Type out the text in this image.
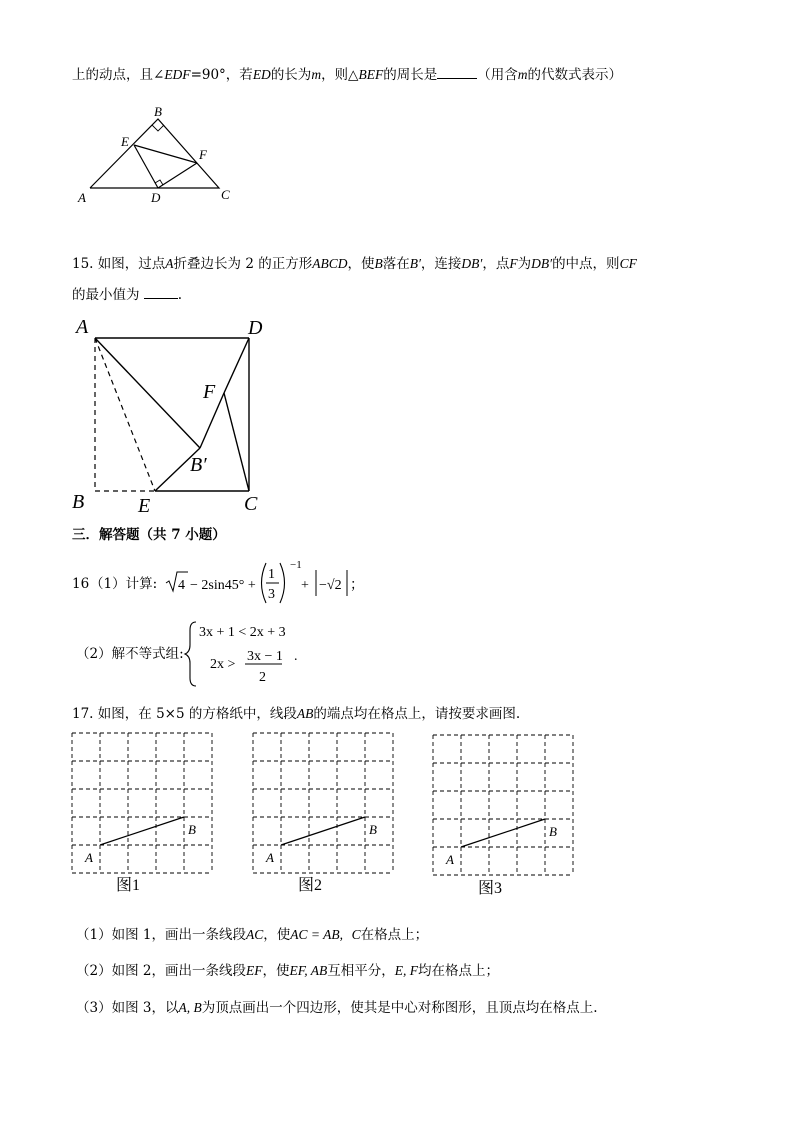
上的动点，且∠EDF=90°，若ED的长为m，则△BEF的周长是	（用含m的代数式表示）
A
B
C
D
E
F
15. 如图，过点A折叠边长为 2 的正方形ABCD，使B落在B′，连接DB′，点F为DB′的中点，则CF
的最小值为	.
A
B	C
D
E
F
B′
三．解答题（共 7 小题）
16 （1）计算: 4 − 2sin45° +
1
3
−1
+ −√2 ；
（2）解不等式组:
3x + 1 < 2x + 3
2x >
3x − 1
2
.
17. 如图，在 5×5 的方格纸中，线段AB的端点均在格点上，请按要求画图.
A
B
A
B
A
B
图1	图2	图3
（1）如图 1，画出一条线段AC，使AC = AB, C在格点上；
（2）如图 2，画出一条线段EF，使EF, AB互相平分，E, F均在格点上；
（3）如图 3，以A, B为顶点画出一个四边形，使其是中心对称图形，且顶点均在格点上.
